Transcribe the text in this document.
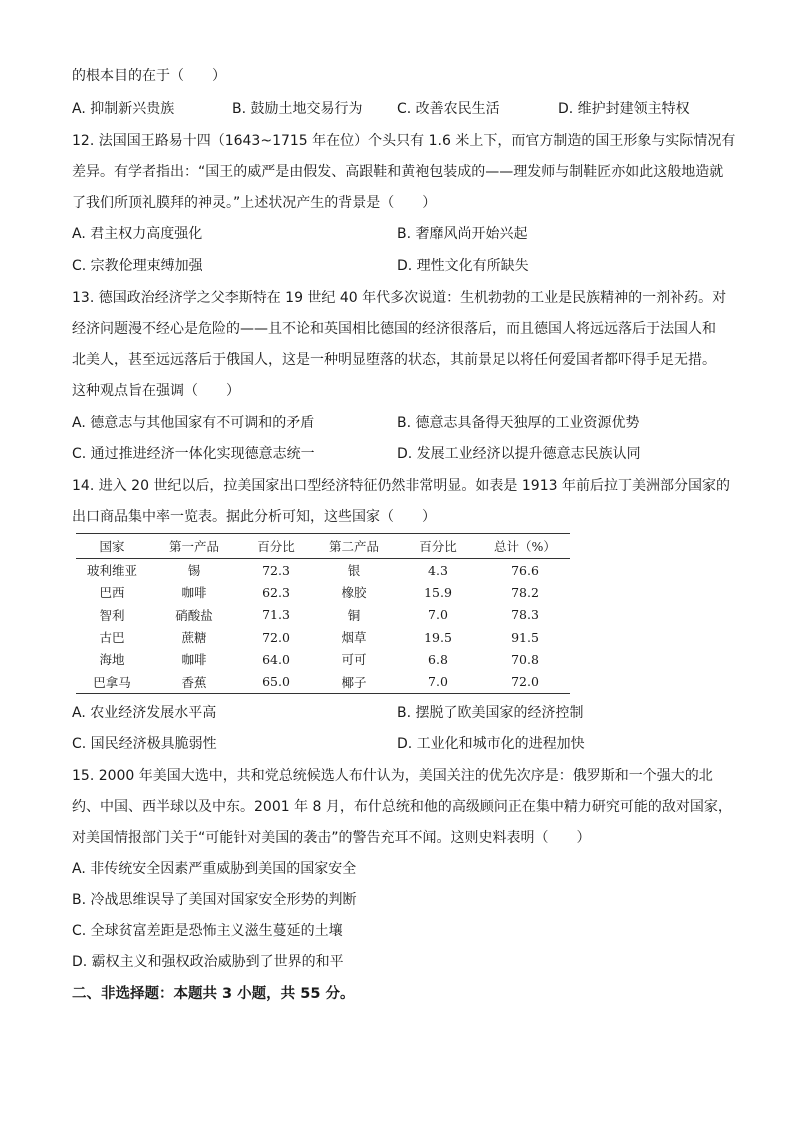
的根本目的在于（　　）
A. 抑制新兴贵族	B. 鼓励土地交易行为 C. 改善农民生活	D. 维护封建领主特权
12. 法国国王路易十四（1643~1715 年在位）个头只有 1.6 米上下，而官方制造的国王形象与实际情况有
差异。有学者指出：“国王的威严是由假发、高跟鞋和黄袍包装成的——理发师与制鞋匠亦如此这般地造就
了我们所顶礼膜拜的神灵。”上述状况产生的背景是（　　）
A. 君主权力高度强化	B. 奢靡风尚开始兴起
C. 宗教伦理束缚加强	D. 理性文化有所缺失
13. 德国政治经济学之父李斯特在 19 世纪 40 年代多次说道：生机勃勃的工业是民族精神的一剂补药。对
经济问题漫不经心是危险的——且不论和英国相比德国的经济很落后，而且德国人将远远落后于法国人和
北美人，甚至远远落后于俄国人，这是一种明显堕落的状态，其前景足以将任何爱国者都吓得手足无措。
这种观点旨在强调（　　）
A. 德意志与其他国家有不可调和的矛盾	B. 德意志具备得天独厚的工业资源优势
C. 通过推进经济一体化实现德意志统一	D. 发展工业经济以提升德意志民族认同
14. 进入 20 世纪以后，拉美国家出口型经济特征仍然非常明显。如表是 1913 年前后拉丁美洲部分国家的
出口商品集中率一览表。据此分析可知，这些国家（　　）
国家	第一产品	百分比	第二产品	百分比	总计（%）
玻利维亚	锡	72.3	银	4.3	76.6
巴西	咖啡	62.3	橡胶	15.9	78.2
智利	硝酸盐	71.3	铜	7.0	78.3
古巴	蔗糖	72.0	烟草	19.5	91.5
海地	咖啡	64.0	可可	6.8	70.8
巴拿马	香蕉	65.0	椰子	7.0	72.0
A. 农业经济发展水平高	B. 摆脱了欧美国家的经济控制
C. 国民经济极具脆弱性	D. 工业化和城市化的进程加快
15. 2000 年美国大选中，共和党总统候选人布什认为，美国关注的优先次序是：俄罗斯和一个强大的北
约、中国、西半球以及中东。2001 年 8 月，布什总统和他的高级顾问正在集中精力研究可能的敌对国家，
对美国情报部门关于“可能针对美国的袭击”的警告充耳不闻。这则史料表明（　　）
A. 非传统安全因素严重威胁到美国的国家安全
B. 冷战思维误导了美国对国家安全形势的判断
C. 全球贫富差距是恐怖主义滋生蔓延的土壤
D. 霸权主义和强权政治威胁到了世界的和平
二、非选择题：本题共 3 小题，共 55 分。
